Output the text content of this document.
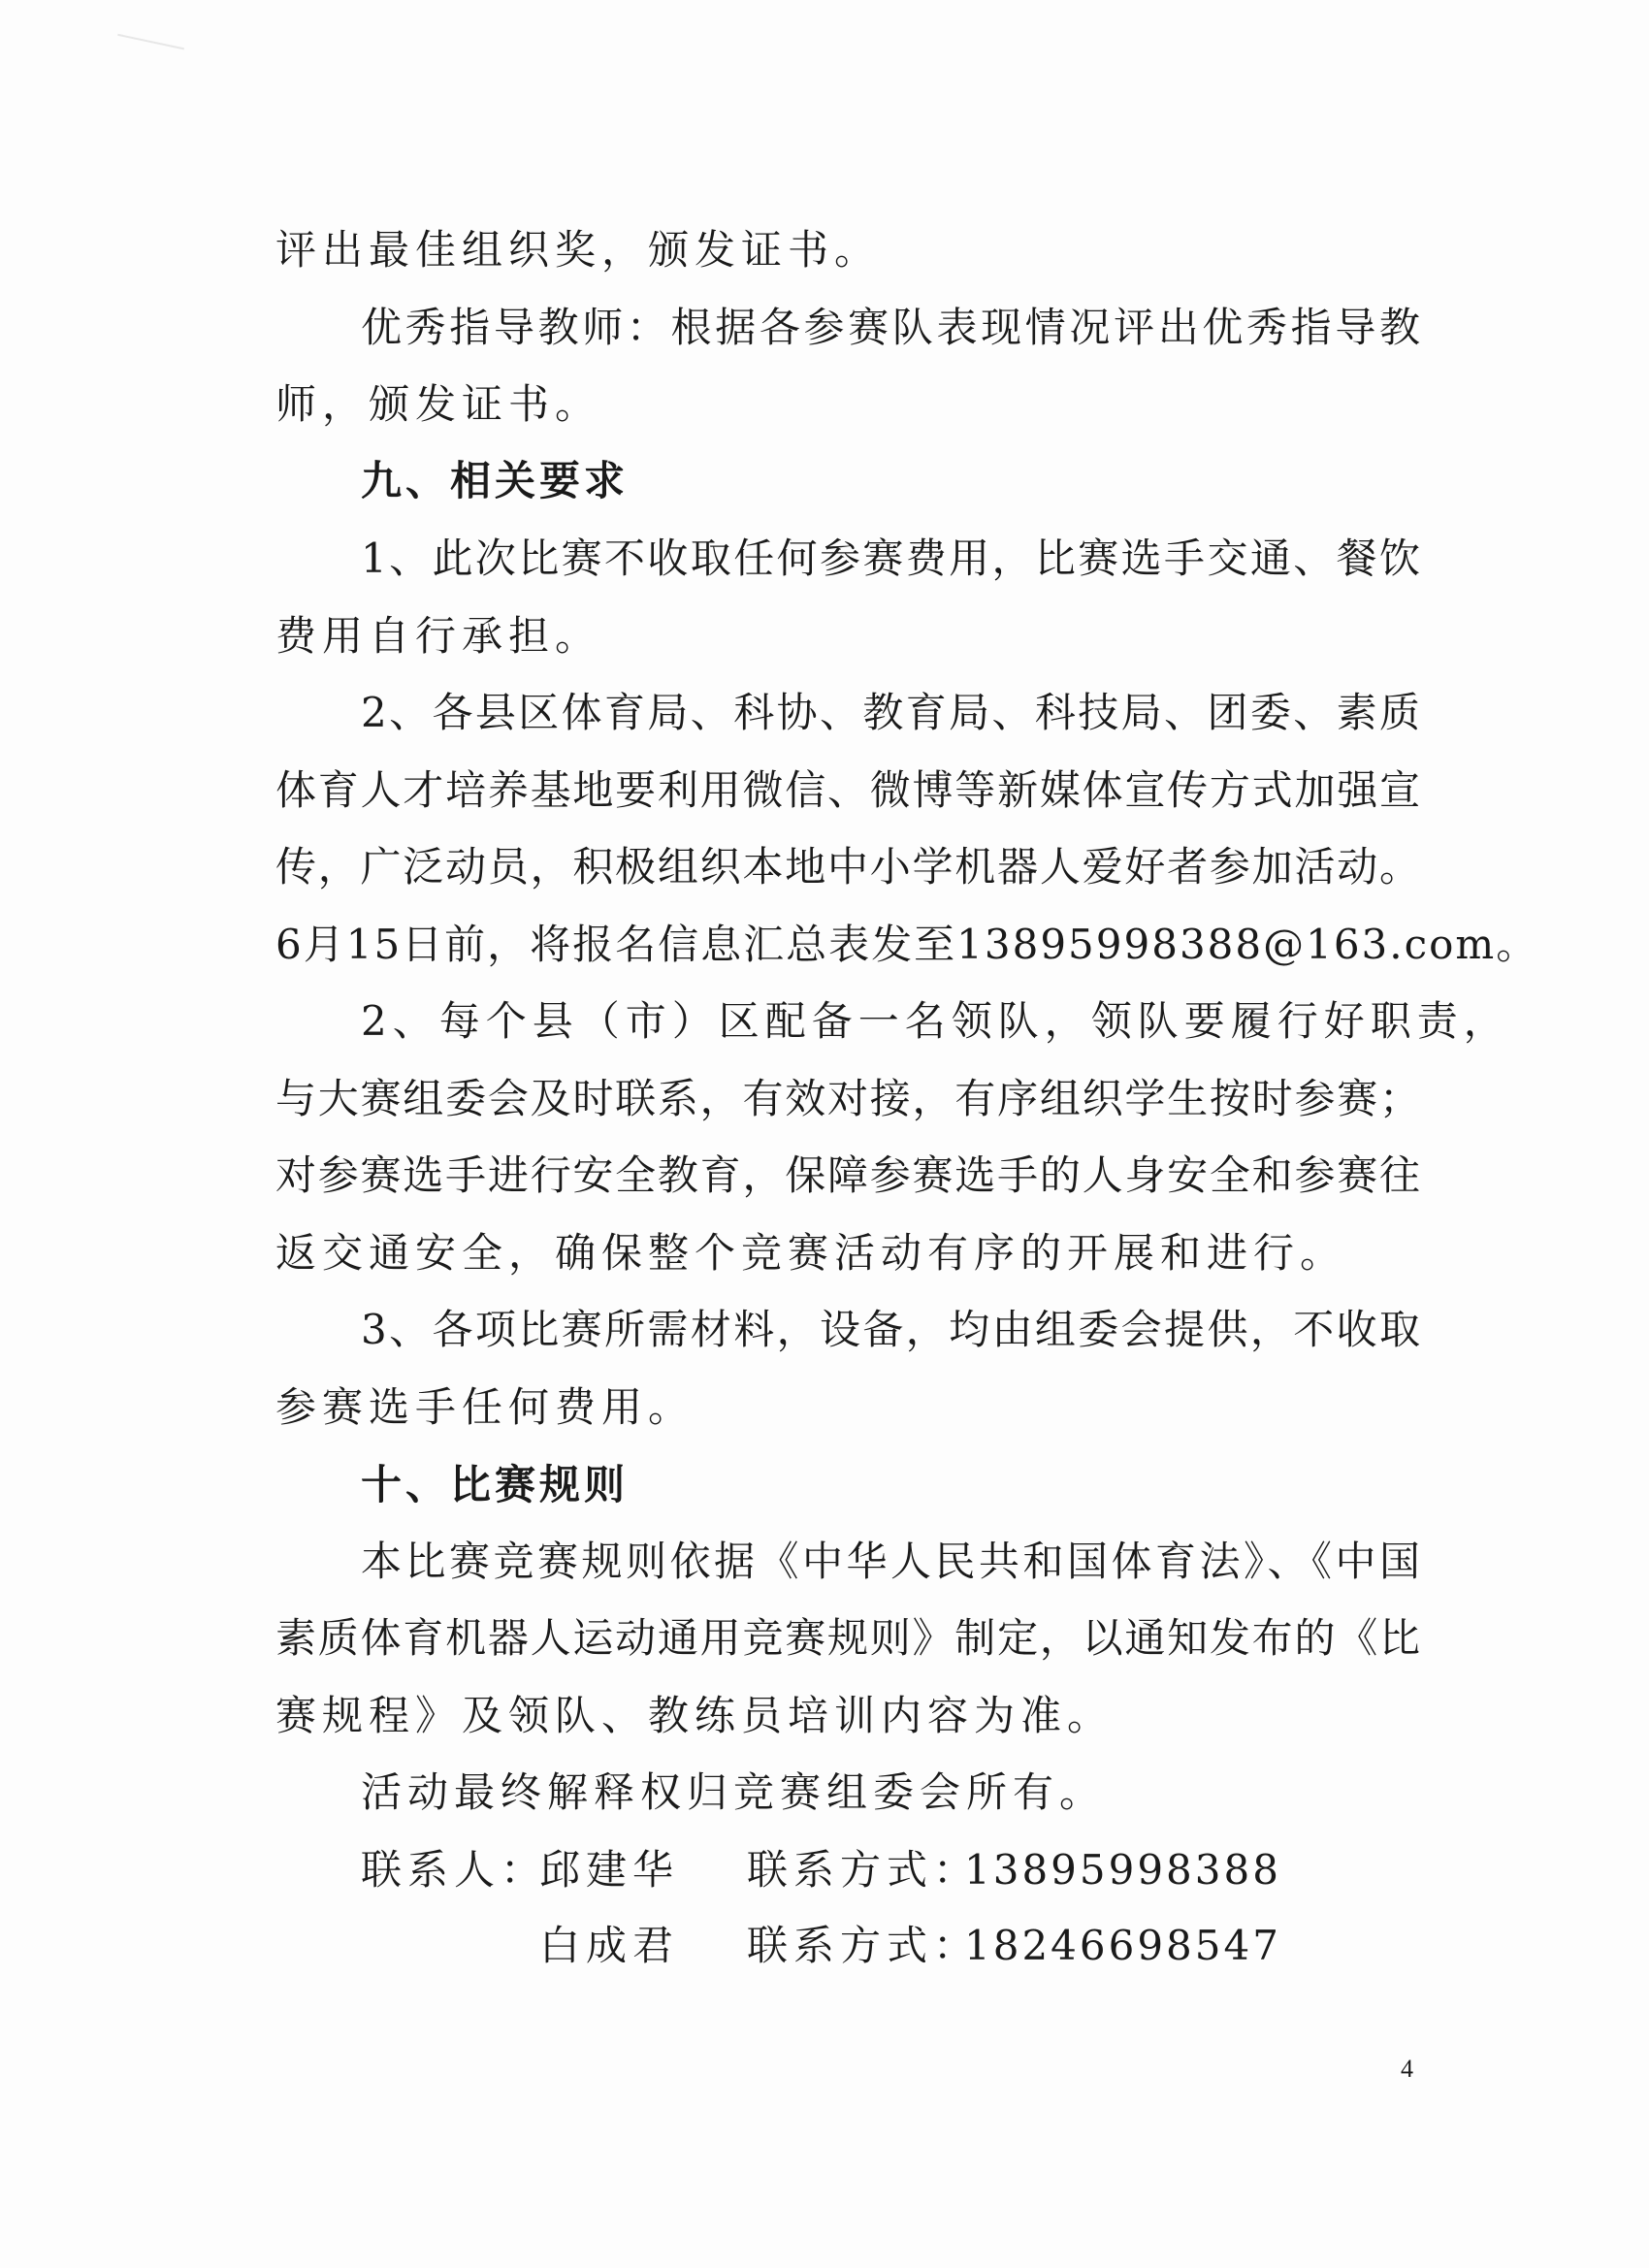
评出最佳组织奖，颁发证书。
优秀指导教师：根据各参赛队表现情况评出优秀指导教
师，颁发证书。
九、相关要求
1、此次比赛不收取任何参赛费用，比赛选手交通、餐饮
费用自行承担。
2、各县区体育局、科协、教育局、科技局、团委、素质
体育人才培养基地要利用微信、微博等新媒体宣传方式加强宣
传，广泛动员，积极组织本地中小学机器人爱好者参加活动。
6月15日前，将报名信息汇总表发至13895998388@163.com。
2、每个县（市）区配备一名领队，领队要履行好职责，
与大赛组委会及时联系，有效对接，有序组织学生按时参赛；
对参赛选手进行安全教育，保障参赛选手的人身安全和参赛往
返交通安全，确保整个竞赛活动有序的开展和进行。
3、各项比赛所需材料，设备，均由组委会提供，不收取
参赛选手任何费用。
十、比赛规则
本比赛竞赛规则依据《中华人民共和国体育法》、《中国
素质体育机器人运动通用竞赛规则》制定，以通知发布的《比
赛规程》及领队、教练员培训内容为准。
活动最终解释权归竞赛组委会所有。
联系人：
邱建华 联系方式：
13895998388
白成君 联系方式：
18246698547
4
